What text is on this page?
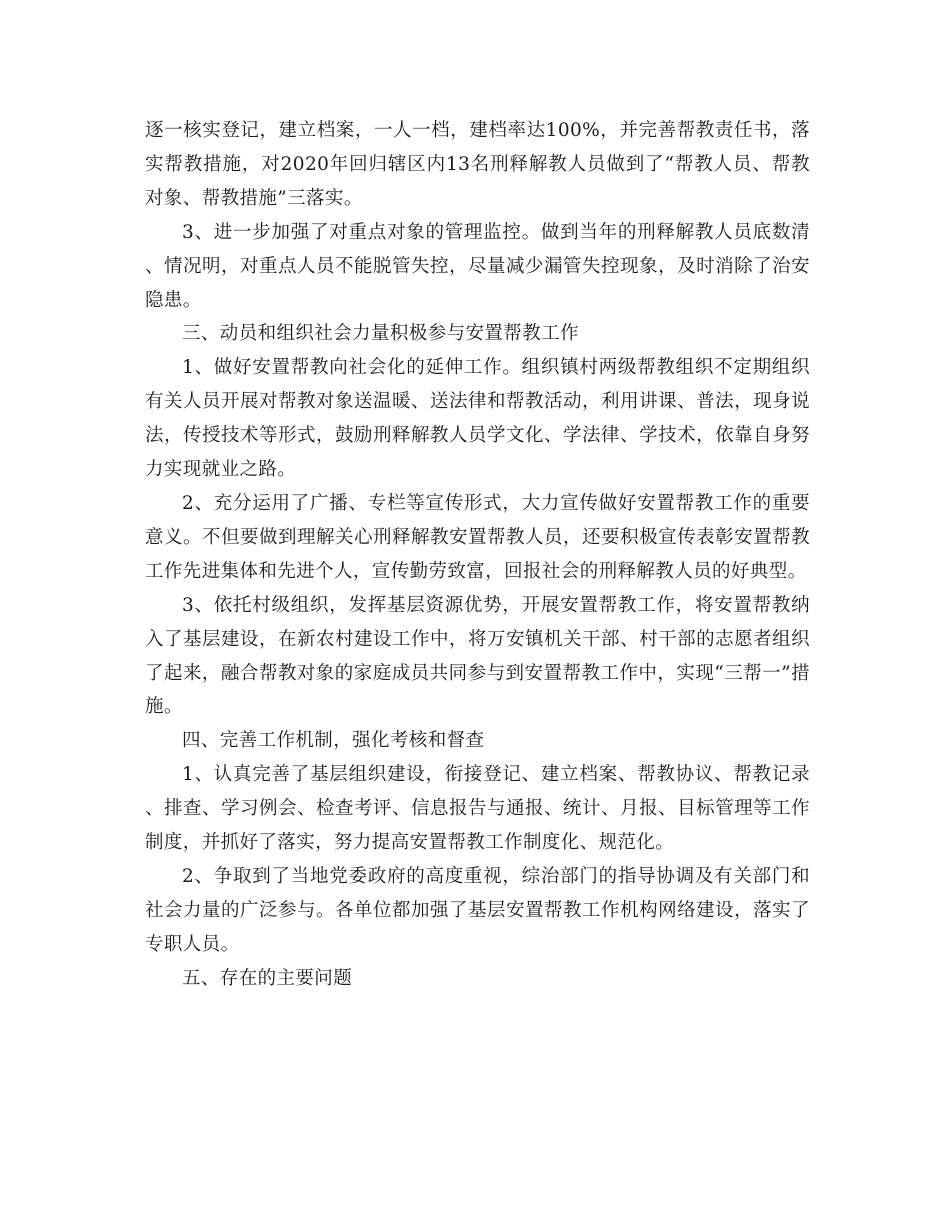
逐一核实登记，建立档案，一人一档，建档率达100%，并完善帮教责任书，落实帮教措施，对2020年回归辖区内13名刑释解教人员做到了“帮教人员、帮教对象、帮教措施”三落实。

3、进一步加强了对重点对象的管理监控。做到当年的刑释解教人员底数清、情况明，对重点人员不能脱管失控，尽量减少漏管失控现象，及时消除了治安隐患。

三、动员和组织社会力量积极参与安置帮教工作

1、做好安置帮教向社会化的延伸工作。组织镇村两级帮教组织不定期组织有关人员开展对帮教对象送温暖、送法律和帮教活动，利用讲课、普法，现身说法，传授技术等形式，鼓励刑释解教人员学文化、学法律、学技术，依靠自身努力实现就业之路。

2、充分运用了广播、专栏等宣传形式，大力宣传做好安置帮教工作的重要意义。不但要做到理解关心刑释解教安置帮教人员，还要积极宣传表彰安置帮教工作先进集体和先进个人，宣传勤劳致富，回报社会的刑释解教人员的好典型。

3、依托村级组织，发挥基层资源优势，开展安置帮教工作，将安置帮教纳入了基层建设，在新农村建设工作中，将万安镇机关干部、村干部的志愿者组织了起来，融合帮教对象的家庭成员共同参与到安置帮教工作中，实现“三帮一”措施。

四、完善工作机制，强化考核和督查

1、认真完善了基层组织建设，衔接登记、建立档案、帮教协议、帮教记录、排查、学习例会、检查考评、信息报告与通报、统计、月报、目标管理等工作制度，并抓好了落实，努力提高安置帮教工作制度化、规范化。

2、争取到了当地党委政府的高度重视，综治部门的指导协调及有关部门和社会力量的广泛参与。各单位都加强了基层安置帮教工作机构网络建设，落实了专职人员。

五、存在的主要问题
